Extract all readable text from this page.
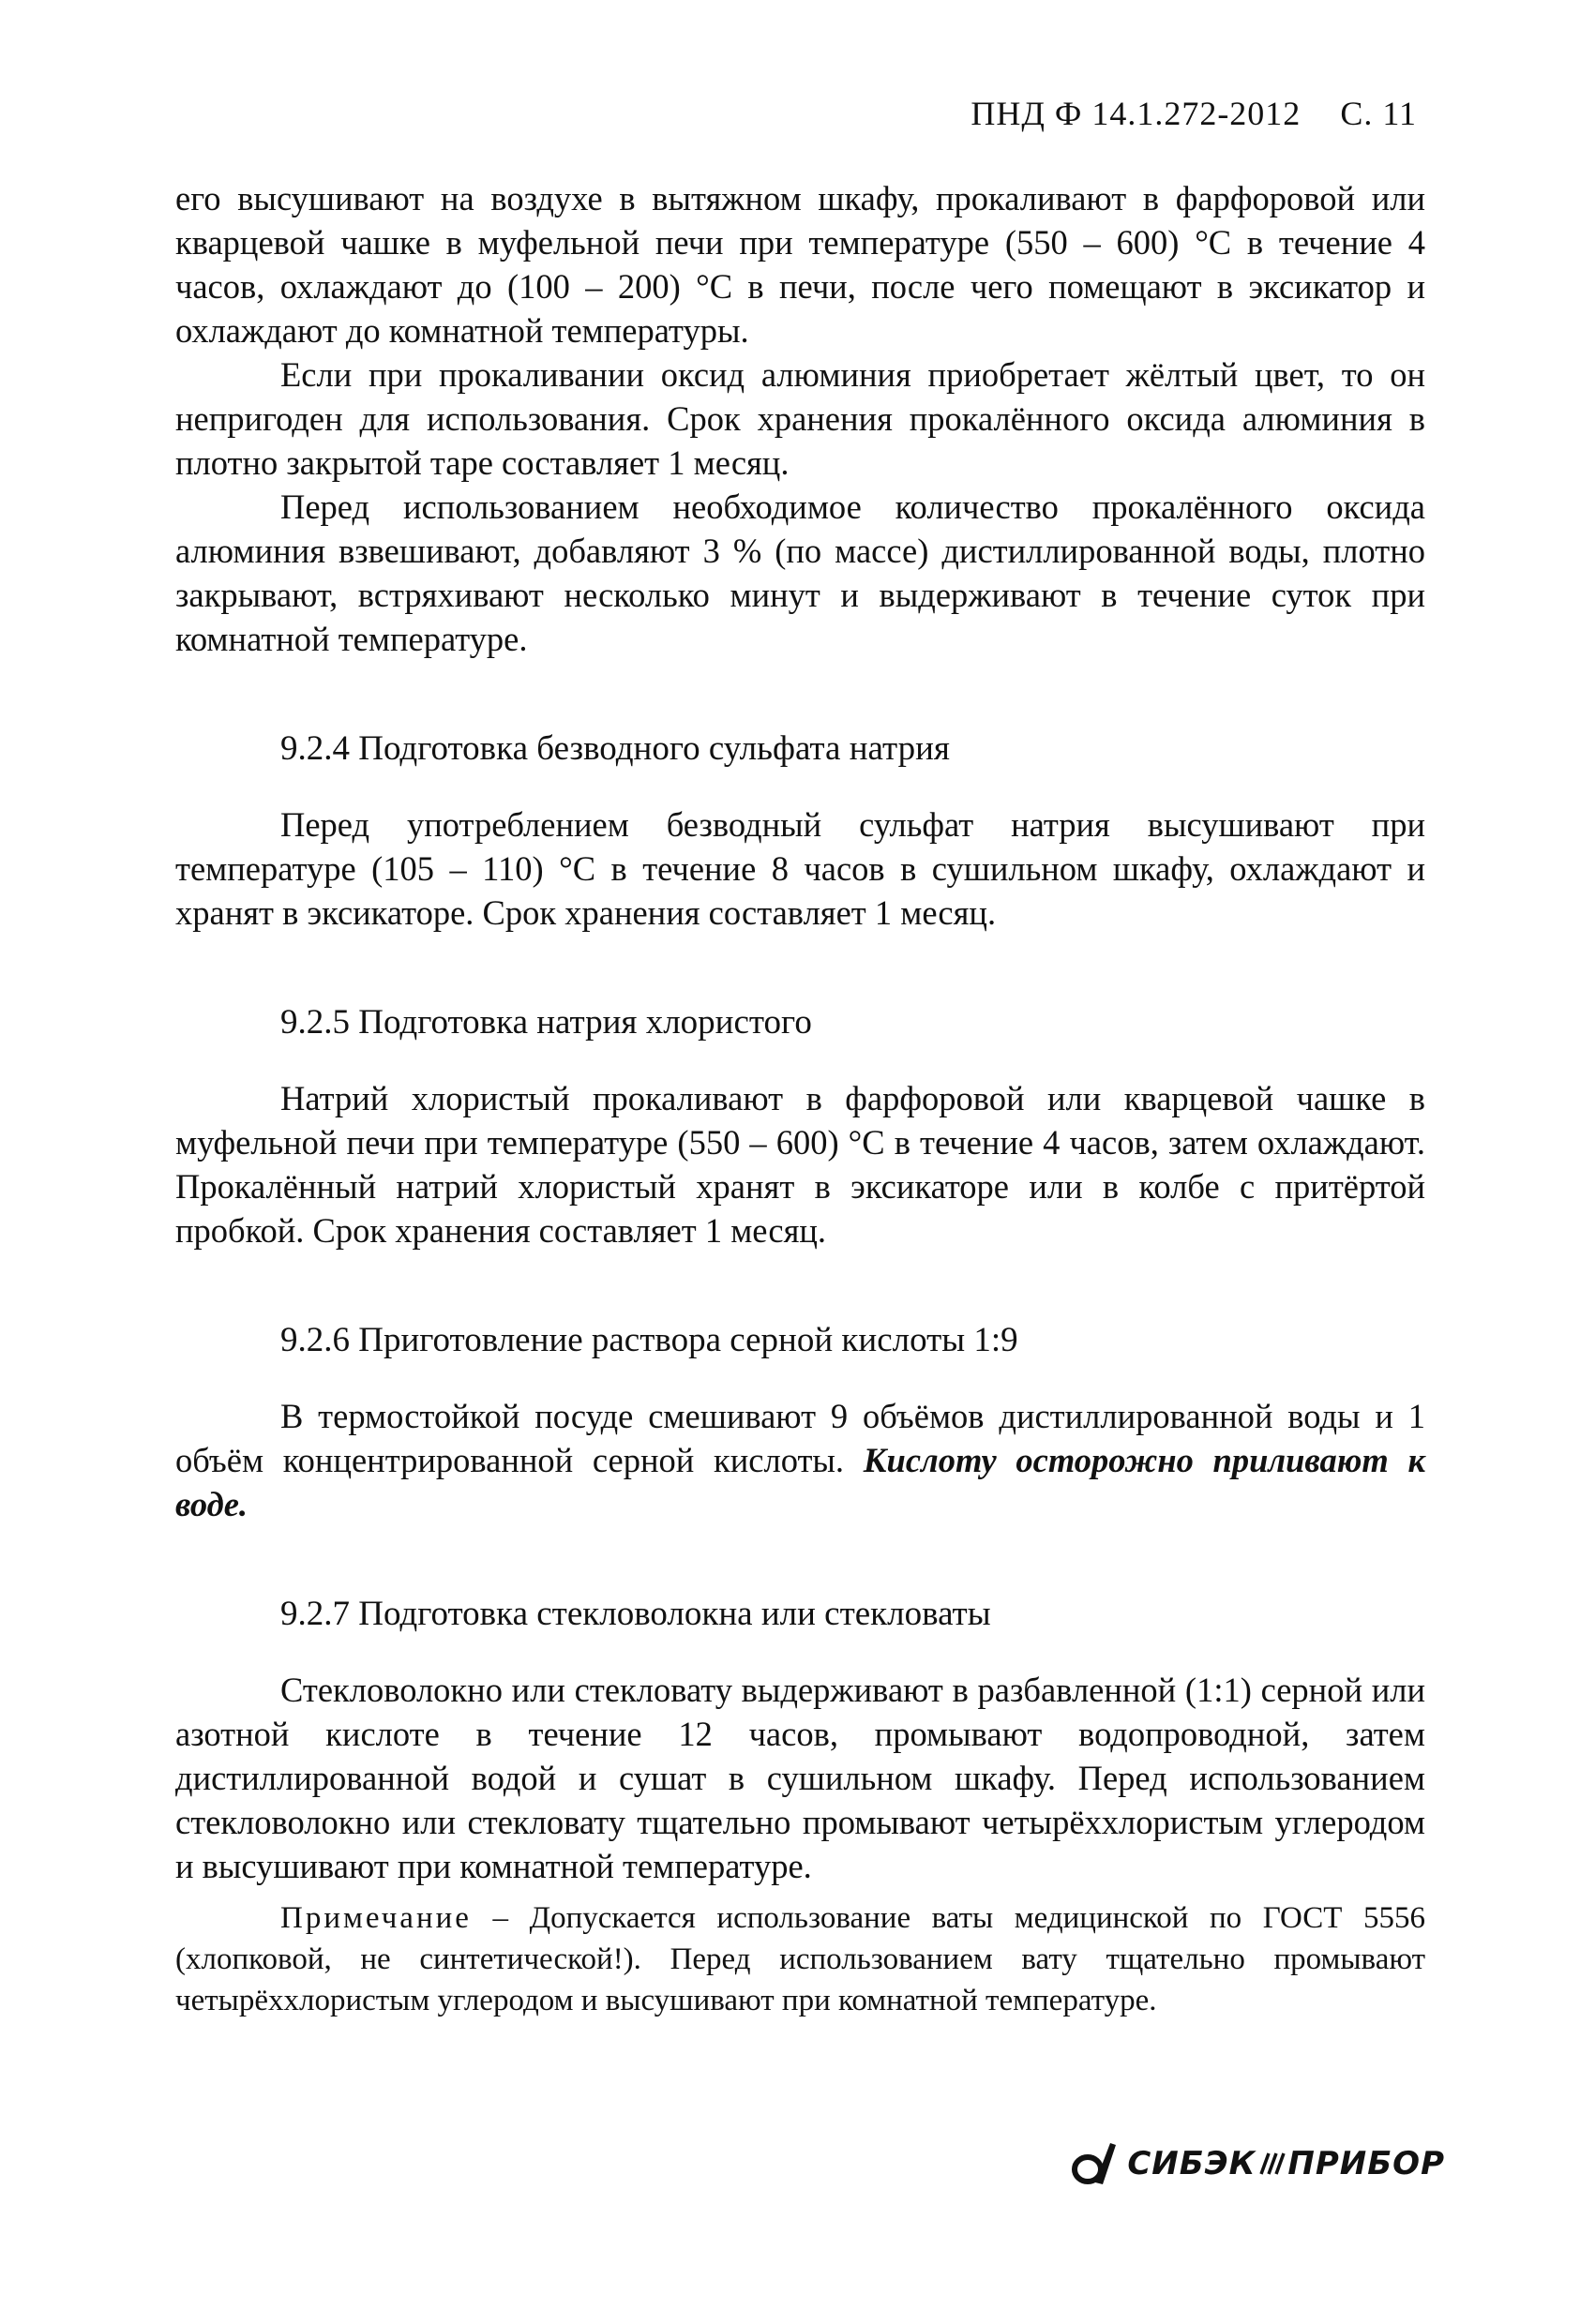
ПНД Ф 14.1.272-2012 С. 11

его высушивают на воздухе в вытяжном шкафу, прокаливают в фарфоровой или кварцевой чашке в муфельной печи при температуре (550 – 600) °С в течение 4 часов, охлаждают до (100 – 200) °С в печи, после чего помещают в эксикатор и охлаждают до комнатной температуры.

Если при прокаливании оксид алюминия приобретает жёлтый цвет, то он непригоден для использования. Срок хранения прокалённого оксида алюминия в плотно закрытой таре составляет 1 месяц.

Перед использованием необходимое количество прокалённого оксида алюминия взвешивают, добавляют 3 % (по массе) дистиллированной воды, плотно закрывают, встряхивают несколько минут и выдерживают в течение суток при комнатной температуре.

9.2.4 Подготовка безводного сульфата натрия

Перед употреблением безводный сульфат натрия высушивают при температуре (105 – 110) °С в течение 8 часов в сушильном шкафу, охлаждают и хранят в эксикаторе. Срок хранения составляет 1 месяц.

9.2.5 Подготовка натрия хлористого

Натрий хлористый прокаливают в фарфоровой или кварцевой чашке в муфельной печи при температуре (550 – 600) °С в течение 4 часов, затем охлаждают. Прокалённый натрий хлористый хранят в эксикаторе или в колбе с притёртой пробкой. Срок хранения составляет 1 месяц.

9.2.6 Приготовление раствора серной кислоты 1:9

В термостойкой посуде смешивают 9 объёмов дистиллированной воды и 1 объём концентрированной серной кислоты. Кислоту осторожно приливают к воде.

9.2.7 Подготовка стекловолокна или стекловаты

Стекловолокно или стекловату выдерживают в разбавленной (1:1) серной или азотной кислоте в течение 12 часов, промывают водопроводной, затем дистиллированной водой и сушат в сушильном шкафу. Перед использованием стекловолокно или стекловату тщательно промывают четырёххлористым углеродом и высушивают при комнатной температуре.

Примечание – Допускается использование ваты медицинской по ГОСТ 5556 (хлопковой, не синтетической!). Перед использованием вату тщательно промывают четырёххлористым углеродом и высушивают при комнатной температуре.

СИБЭК ПРИБОР
